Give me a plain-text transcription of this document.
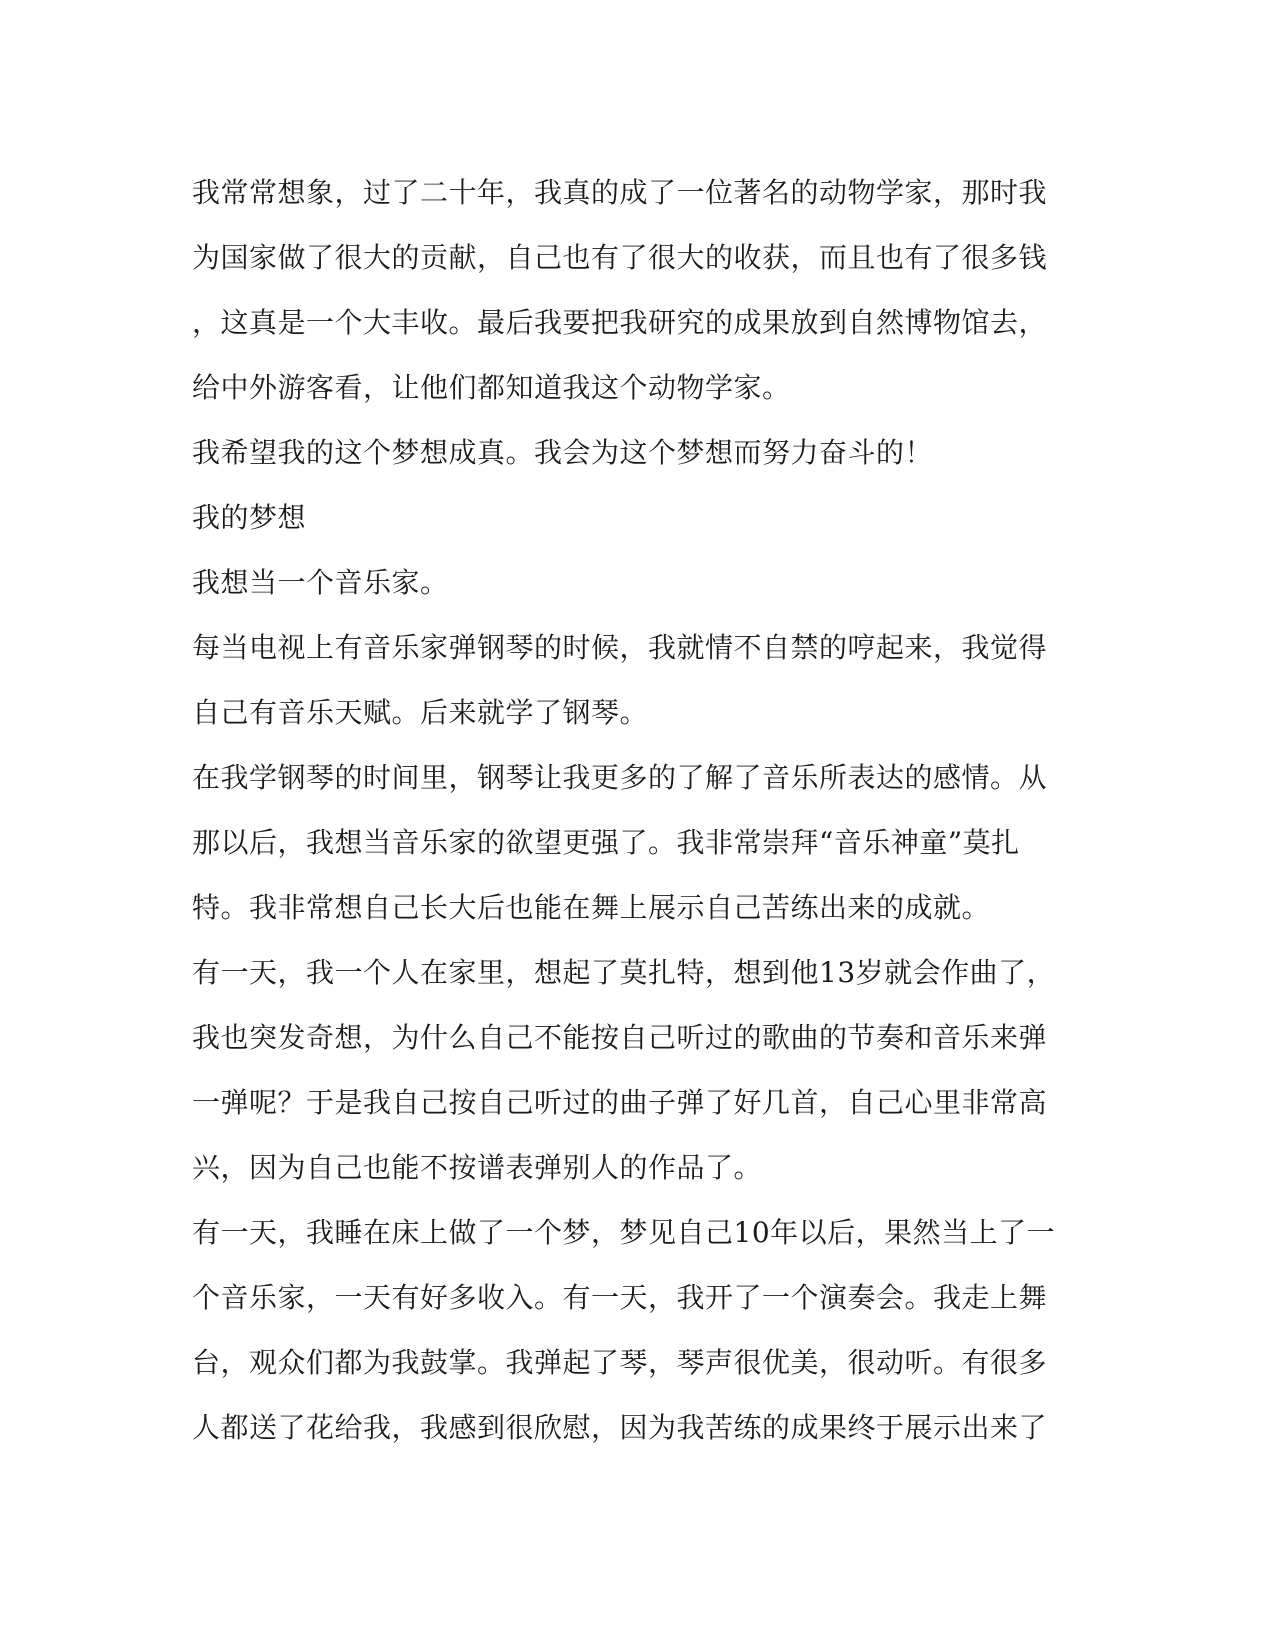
我常常想象，过了二十年，我真的成了一位著名的动物学家，那时我
为国家做了很大的贡献，自己也有了很大的收获，而且也有了很多钱
，这真是一个大丰收。最后我要把我研究的成果放到自然博物馆去，
给中外游客看，让他们都知道我这个动物学家。
我希望我的这个梦想成真。我会为这个梦想而努力奋斗的！
我的梦想
我想当一个音乐家。
每当电视上有音乐家弹钢琴的时候，我就情不自禁的哼起来，我觉得
自己有音乐天赋。后来就学了钢琴。
在我学钢琴的时间里，钢琴让我更多的了解了音乐所表达的感情。从
那以后，我想当音乐家的欲望更强了。我非常崇拜“音乐神童”莫扎
特。我非常想自己长大后也能在舞上展示自己苦练出来的成就。
有一天，我一个人在家里，想起了莫扎特，想到他13岁就会作曲了，
我也突发奇想，为什么自己不能按自己听过的歌曲的节奏和音乐来弹
一弹呢？于是我自己按自己听过的曲子弹了好几首，自己心里非常高
兴，因为自己也能不按谱表弹别人的作品了。
有一天，我睡在床上做了一个梦，梦见自己10年以后，果然当上了一
个音乐家，一天有好多收入。有一天，我开了一个演奏会。我走上舞
台，观众们都为我鼓掌。我弹起了琴，琴声很优美，很动听。有很多
人都送了花给我，我感到很欣慰，因为我苦练的成果终于展示出来了
